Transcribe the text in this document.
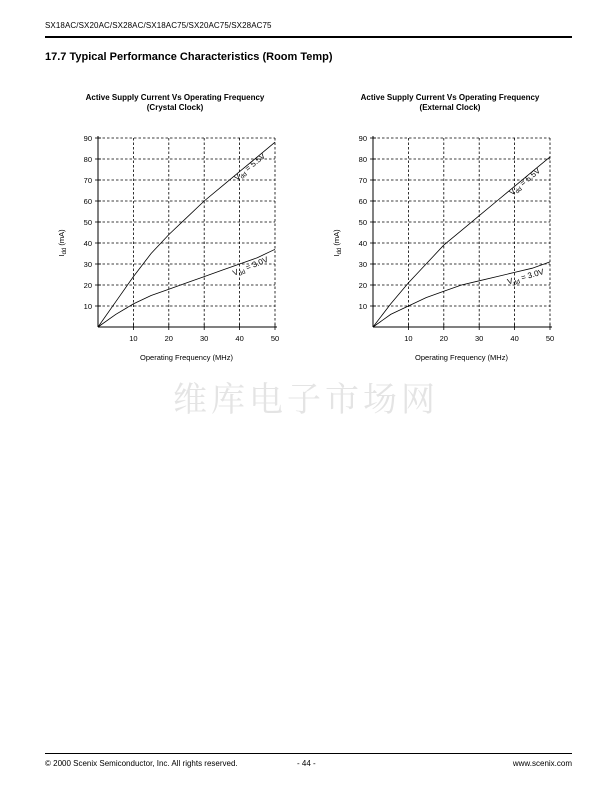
SX18AC/SX20AC/SX28AC/SX18AC75/SX20AC75/SX28AC75
17.7 Typical Performance Characteristics (Room Temp)
Active Supply Current Vs Operating Frequency
(Crystal Clock)
10
20
30
40
50
60
70
80
90
10	20	30	40	50
Operating Frequency (MHz)
$I_{dd}$ (mA)
$V_{dd} = 5.5V$
$V_{dd} = 3.0V$
Active Supply Current Vs Operating Frequency
(External Clock)
10
20
30
40
50
60
70
80
90
10	20	30	40	50
Operating Frequency (MHz)
$I_{dd}$ (mA)
$V_{dd} = 5.5V$
$V_{dd} = 3.0V$
维库电子市场网
© 2000 Scenix Semiconductor, Inc. All rights reserved.	- 44 -	www.scenix.com
